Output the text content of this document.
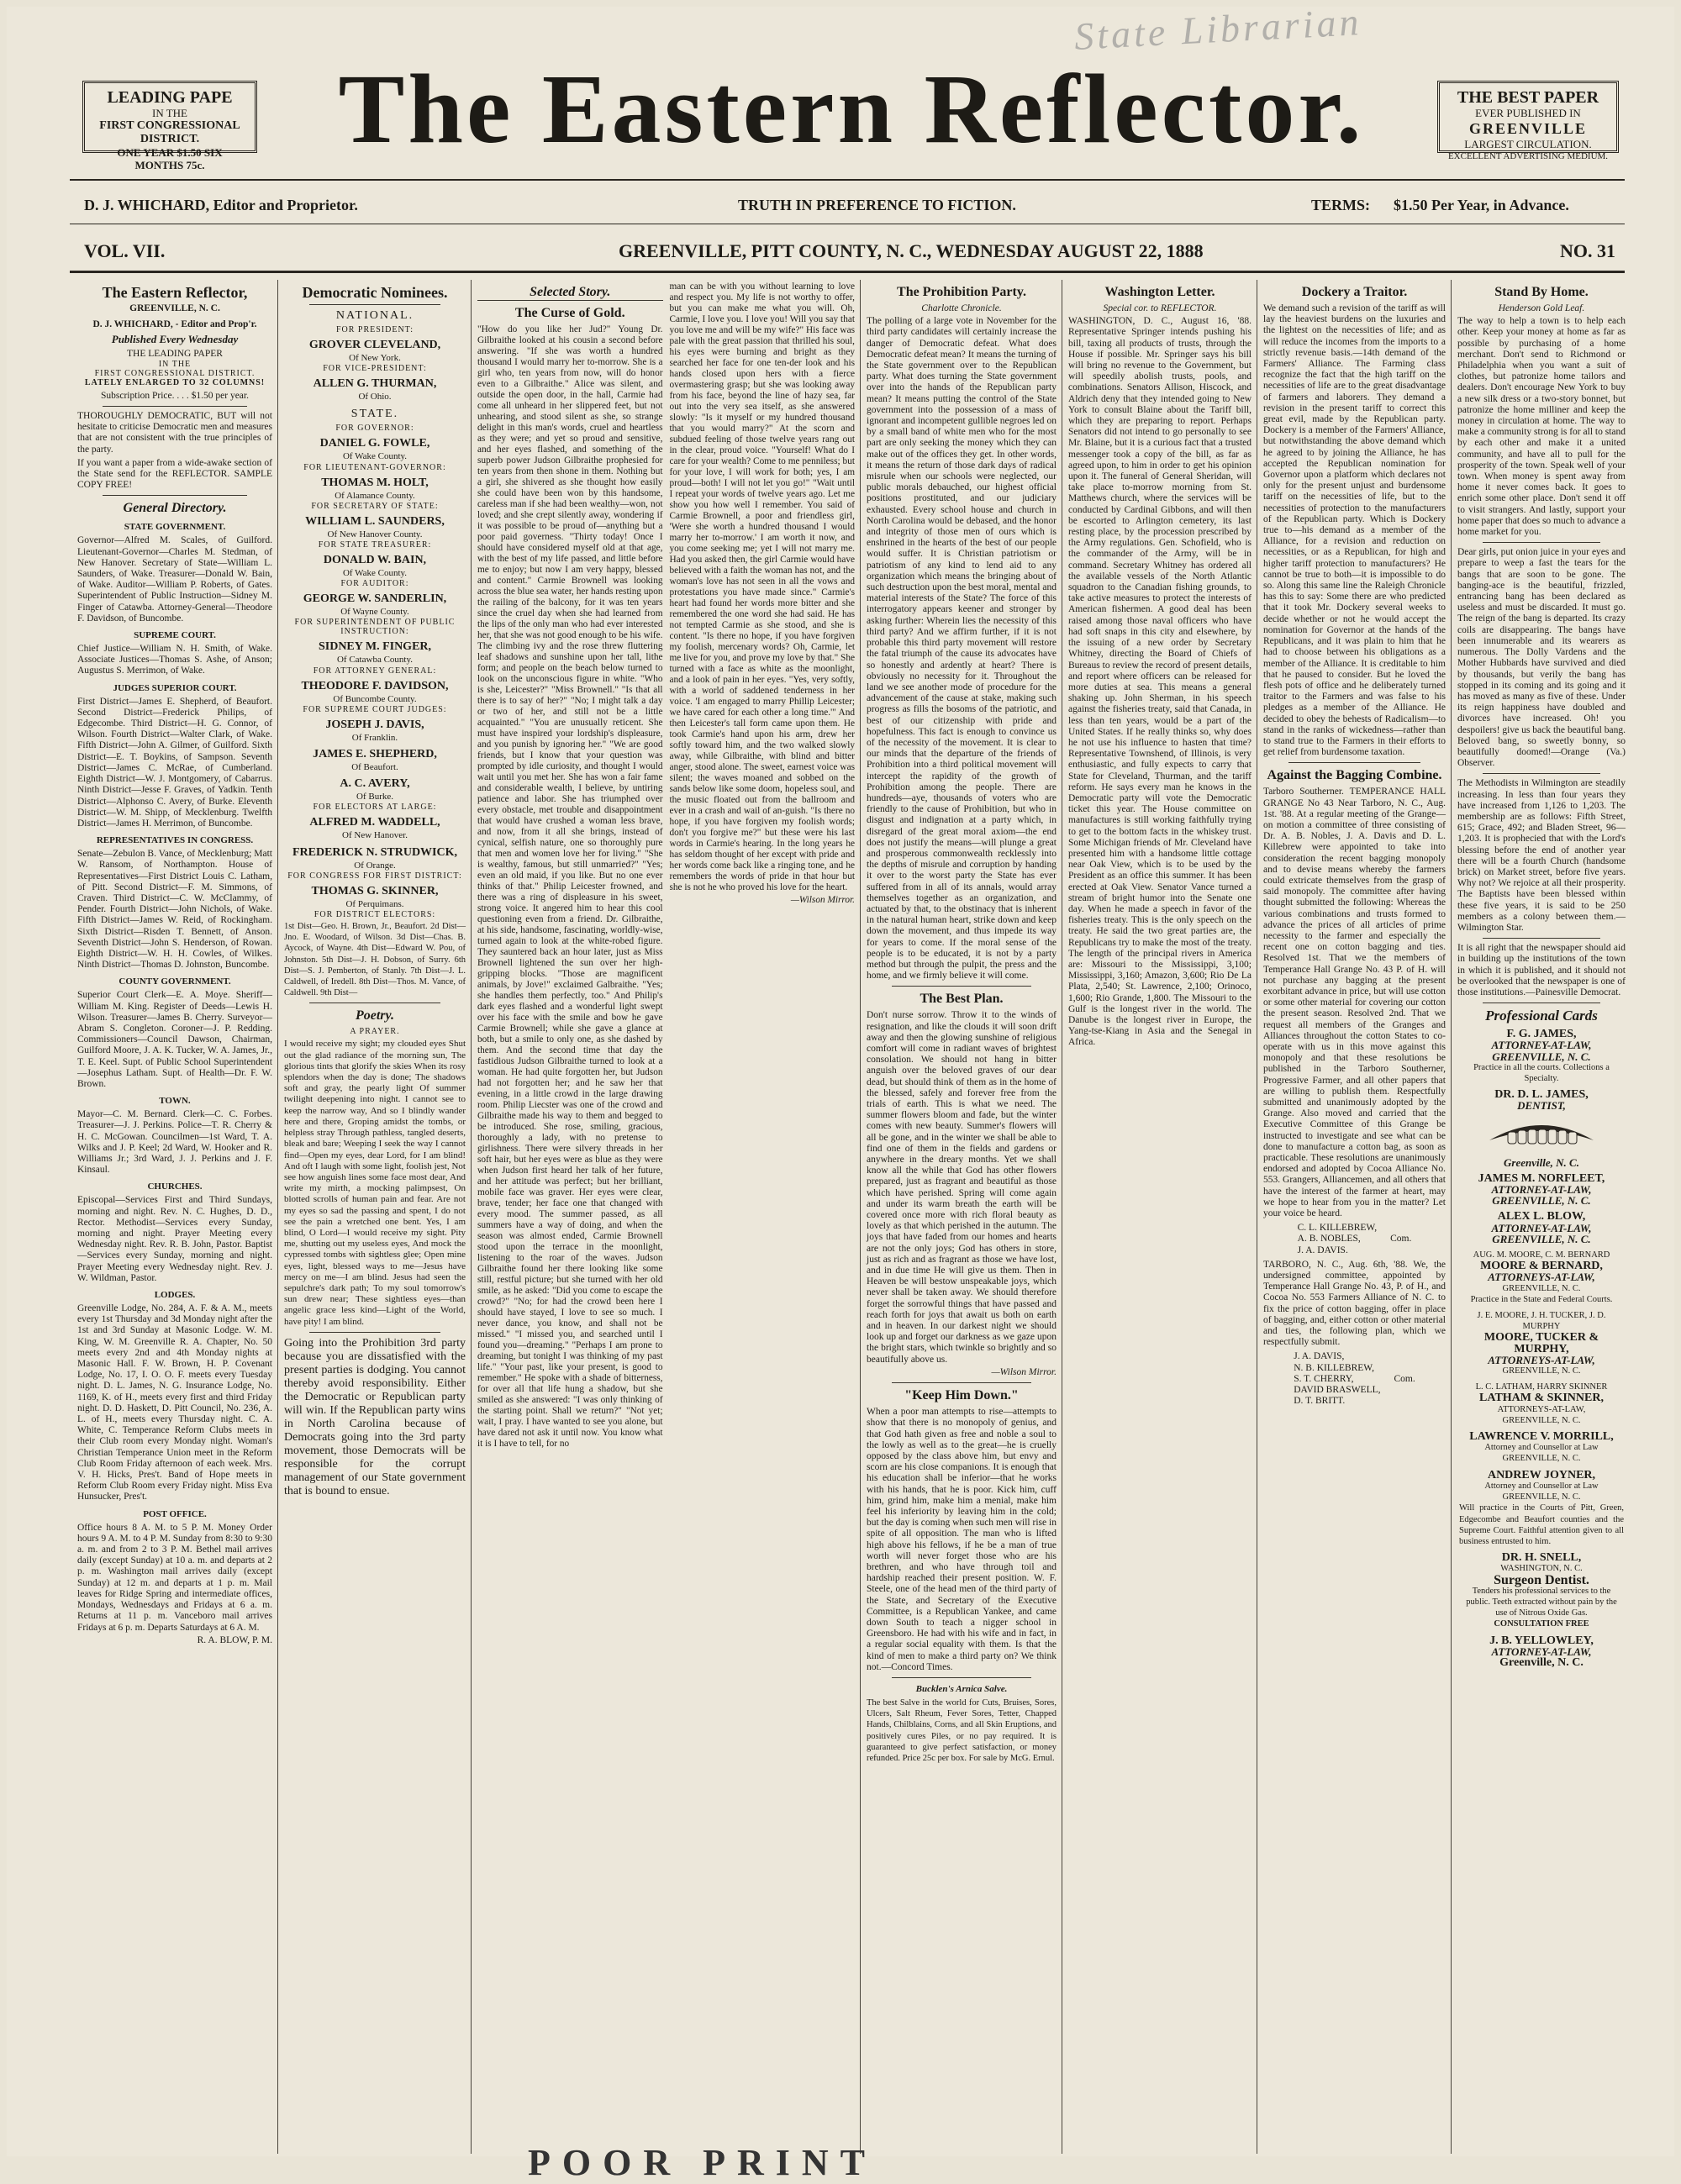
State Librarian
LEADING PAPE
IN THE
FIRST CONGRESSIONAL DISTRICT.
ONE YEAR $1.50 SIX MONTHS 75c.
The Eastern Reflector.	THE BEST PAPER
EVER PUBLISHED IN
GREENVILLE
LARGEST CIRCULATION.
EXCELLENT ADVERTISING MEDIUM.
D. J. WHICHARD, Editor and Proprietor.	TRUTH IN PREFERENCE TO FICTION.	TERMS: $1.50 Per Year, in Advance.
VOL. VII.	GREENVILLE, PITT COUNTY, N. C., WEDNESDAY AUGUST 22, 1888	NO. 31
The Eastern Reflector,
GREENVILLE, N. C.
D. J. WHICHARD, - Editor and Prop'r.
Published Every Wednesday
THE LEADING PAPER
IN THE
FIRST CONGRESSIONAL DISTRICT.
LATELY ENLARGED TO 32 COLUMNS!
Subscription Price. . . . $1.50 per year.

THOROUGHLY DEMOCRATIC, BUT will not hesitate to criticise Democratic men and measures that are not consistent with the true principles of the party.

If you want a paper from a wide-awake section of the State send for the REFLECTOR. SAMPLE COPY FREE!

General Directory.
STATE GOVERNMENT.

Governor—Alfred M. Scales, of Guilford. Lieutenant-Governor—Charles M. Stedman, of New Hanover. Secretary of State—William L. Saunders, of Wake. Treasurer—Donald W. Bain, of Wake. Auditor—William P. Roberts, of Gates. Superintendent of Public Instruction—Sidney M. Finger of Catawba. Attorney-General—Theodore F. Davidson, of Buncombe.

SUPREME COURT.

Chief Justice—William N. H. Smith, of Wake. Associate Justices—Thomas S. Ashe, of Anson; Augustus S. Merrimon, of Wake.

JUDGES SUPERIOR COURT.

First District—James E. Shepherd, of Beaufort. Second District—Frederick Philips, of Edgecombe. Third District—H. G. Connor, of Wilson. Fourth District—Walter Clark, of Wake. Fifth District—John A. Gilmer, of Guilford. Sixth District—E. T. Boykins, of Sampson. Seventh District—James C. McRae, of Cumberland. Eighth District—W. J. Montgomery, of Cabarrus. Ninth District—Jesse F. Graves, of Yadkin. Tenth District—Alphonso C. Avery, of Burke. Eleventh District—W. M. Shipp, of Mecklenburg. Twelfth District—James H. Merrimon, of Buncombe.

REPRESENTATIVES IN CONGRESS.

Senate—Zebulon B. Vance, of Mecklenburg; Matt W. Ransom, of Northampton. House of Representatives—First District Louis C. Latham, of Pitt. Second District—F. M. Simmons, of Craven. Third District—C. W. McClammy, of Pender. Fourth District—John Nichols, of Wake. Fifth District—James W. Reid, of Rockingham. Sixth District—Risden T. Bennett, of Anson. Seventh District—John S. Henderson, of Rowan. Eighth District—W. H. H. Cowles, of Wilkes. Ninth District—Thomas D. Johnston, Buncombe.

COUNTY GOVERNMENT.

Superior Court Clerk—E. A. Moye. Sheriff—William M. King. Register of Deeds—Lewis H. Wilson. Treasurer—James B. Cherry. Surveyor—Abram S. Congleton. Coroner—J. P. Redding. Commissioners—Council Dawson, Chairman, Guilford Moore, J. A. K. Tucker, W. A. James, Jr., T. E. Keel. Supt. of Public School Superintendent—Josephus Latham. Supt. of Health—Dr. F. W. Brown.

TOWN.

Mayor—C. M. Bernard. Clerk—C. C. Forbes. Treasurer—J. J. Perkins. Police—T. R. Cherry & H. C. McGowan. Councilmen—1st Ward, T. A. Wilks and J. P. Keel; 2d Ward, W. Hooker and R. Williams Jr.; 3rd Ward, J. J. Perkins and J. F. Kinsaul.

CHURCHES.

Episcopal—Services First and Third Sundays, morning and night. Rev. N. C. Hughes, D. D., Rector. Methodist—Services every Sunday, morning and night. Prayer Meeting every Wednesday night. Rev. R. B. John, Pastor. Baptist—Services every Sunday, morning and night. Prayer Meeting every Wednesday night. Rev. J. W. Wildman, Pastor.

LODGES.

Greenville Lodge, No. 284, A. F. & A. M., meets every 1st Thursday and 3d Monday night after the 1st and 3rd Sunday at Masonic Lodge. W. M. King, W. M. Greenville R. A. Chapter, No. 50 meets every 2nd and 4th Monday nights at Masonic Hall. F. W. Brown, H. P. Covenant Lodge, No. 17, I. O. O. F. meets every Tuesday night. D. L. James, N. G. Insurance Lodge, No. 1169, K. of H., meets every first and third Friday night. D. D. Haskett, D. Pitt Council, No. 236, A. L. of H., meets every Thursday night. C. A. White, C. Temperance Reform Clubs meets in their Club room every Monday night. Woman's Christian Temperance Union meet in the Reform Club Room Friday afternoon of each week. Mrs. V. H. Hicks, Pres't. Band of Hope meets in Reform Club Room every Friday night. Miss Eva Hunsucker, Pres't.

POST OFFICE.

Office hours 8 A. M. to 5 P. M. Money Order hours 9 A. M. to 4 P. M. Sunday from 8:30 to 9:30 a. m. and from 2 to 3 P. M. Bethel mail arrives daily (except Sunday) at 10 a. m. and departs at 2 p. m. Washington mail arrives daily (except Sunday) at 12 m. and departs at 1 p. m. Mail leaves for Ridge Spring and intermediate offices, Mondays, Wednesdays and Fridays at 6 a. m. Returns at 11 p. m. Vanceboro mail arrives Fridays at 6 p. m. Departs Saturdays at 6 A. M.

R. A. BLOW, P. M.
Democratic Nominees.
NATIONAL.
FOR PRESIDENT:
GROVER CLEVELAND,
Of New York.
FOR VICE-PRESIDENT:
ALLEN G. THURMAN,
Of Ohio.
STATE.
FOR GOVERNOR:
DANIEL G. FOWLE,
Of Wake County.
FOR LIEUTENANT-GOVERNOR:
THOMAS M. HOLT,
Of Alamance County.
FOR SECRETARY OF STATE:
WILLIAM L. SAUNDERS,
Of New Hanover County.
FOR STATE TREASURER:
DONALD W. BAIN,
Of Wake County.
FOR AUDITOR:
GEORGE W. SANDERLIN,
Of Wayne County.
FOR SUPERINTENDENT OF PUBLIC INSTRUCTION:
SIDNEY M. FINGER,
Of Catawba County.
FOR ATTORNEY GENERAL:
THEODORE F. DAVIDSON,
Of Buncombe County.
FOR SUPREME COURT JUDGES:
JOSEPH J. DAVIS,
Of Franklin.
JAMES E. SHEPHERD,
Of Beaufort.
A. C. AVERY,
Of Burke.
FOR ELECTORS AT LARGE:
ALFRED M. WADDELL,
Of New Hanover.
FREDERICK N. STRUDWICK,
Of Orange.
FOR CONGRESS FOR FIRST DISTRICT:
THOMAS G. SKINNER,
Of Perquimans.
FOR DISTRICT ELECTORS:

1st Dist—Geo. H. Brown, Jr., Beaufort. 2d Dist—Jno. E. Woodard, of Wilson. 3d Dist—Chas. B. Aycock, of Wayne. 4th Dist—Edward W. Pou, of Johnston. 5th Dist—J. H. Dobson, of Surry. 6th Dist—S. J. Pemberton, of Stanly. 7th Dist—J. L. Caldwell, of Iredell. 8th Dist—Thos. M. Vance, of Caldwell. 9th Dist—

Poetry.
A PRAYER.

I would receive my sight; my clouded eyes Shut out the glad radiance of the morning sun, The glorious tints that glorify the skies When its rosy splendors when the day is done; The shadows soft and gray, the pearly light Of summer twilight deepening into night. I cannot see to keep the narrow way, And so I blindly wander here and there, Groping amidst the tombs, or helpless stray Through pathless, tangled deserts, bleak and bare; Weeping I seek the way I cannot find—Open my eyes, dear Lord, for I am blind! And oft I laugh with some light, foolish jest, Not see how anguish lines some face most dear, And write my mirth, a mocking palimpsest, On blotted scrolls of human pain and fear. Are not my eyes so sad the passing and spent, I do not see the pain a wretched one bent. Yes, I am blind, O Lord—I would receive my sight. Pity me, shutting out my useless eyes, And mock the cypressed tombs with sightless glee; Open mine eyes, light, blessed ways to me—Jesus have mercy on me—I am blind. Jesus had seen the sepulchre's dark path; To my soul tomorrow's sun drew near; These sightless eyes—than angelic grace less kind—Light of the World, have pity! I am blind.

Going into the Prohibition 3rd party because you are dissatisfied with the present parties is dodging. You cannot thereby avoid responsibility. Either the Democratic or Republican party will win. If the Republican party wins in North Carolina because of Democrats going into the 3rd party movement, those Democrats will be responsible for the corrupt management of our State government that is bound to ensue.

Selected Story.
The Curse of Gold.

"How do you like her Jud?" Young Dr. Gilbraithe looked at his cousin a second before answering. "If she was worth a hundred thousand I would marry her to-morrow. She is a girl who, ten years from now, will do honor even to a Gilbraithe." Alice was silent, and outside the open door, in the hall, Carmie had come all unheard in her slippered feet, but not unhearing, and stood silent as she, so strange delight in this man's words, cruel and heartless as they were; and yet so proud and sensitive, and her eyes flashed, and something of the superb power Judson Gilbraithe prophesied for ten years from then shone in them. Nothing but a girl, she shivered as she thought how easily she could have been won by this handsome, careless man if she had been wealthy—won, not loved; and she crept silently away, wondering if it was possible to be proud of—anything but a poor paid governess. "Thirty today! Once I should have considered myself old at that age, with the best of my life passed, and little before me to enjoy; but now I am very happy, blessed and content." Carmie Brownell was looking across the blue sea water, her hands resting upon the railing of the balcony, for it was ten years since the cruel day when she had learned from the lips of the only man who had ever interested her, that she was not good enough to be his wife. The climbing ivy and the rose threw fluttering leaf shadows and sunshine upon her tall, lithe form; and people on the beach below turned to look on the unconscious figure in white. "Who is she, Leicester?" "Miss Brownell." "Is that all there is to say of her?" "No; I might talk a day or two of her, and still not be a little acquainted." "You are unusually reticent. She must have inspired your lordship's displeasure, and you punish by ignoring her." "We are good friends, but I know that your question was prompted by idle curiosity, and thought I would wait until you met her. She has won a fair fame and considerable wealth, I believe, by untiring patience and labor. She has triumphed over every obstacle, met trouble and disappointment that would have crushed a woman less brave, and now, from it all she brings, instead of cynical, selfish nature, one so thoroughly pure that men and women love her for living." "She is wealthy, famous, but still unmarried?" "Yes; even an old maid, if you like. But no one ever thinks of that." Philip Leicester frowned, and there was a ring of displeasure in his sweet, strong voice. It angered him to hear this cool questioning even from a friend. Dr. Gilbraithe, at his side, handsome, fascinating, worldly-wise, turned again to look at the white-robed figure. They sauntered back an hour later, just as Miss Brownell lightened the sun over her high-gripping blocks. "Those are magnificent animals, by Jove!" exclaimed Galbraithe. "Yes; she handles them perfectly, too." And Philip's dark eyes flashed and a wonderful light swept over his face with the smile and bow he gave Carmie Brownell; while she gave a glance at both, but a smile to only one, as she dashed by them. And the second time that day the fastidious Judson Gilbraithe turned to look at a woman. He had quite forgotten her, but Judson had not forgotten her; and he saw her that evening, in a little crowd in the large drawing room. Philip Liecster was one of the crowd and Gilbraithe made his way to them and begged to be introduced. She rose, smiling, gracious, thoroughly a lady, with no pretense to girlishness. There were silvery threads in her soft hair, but her eyes were as blue as they were when Judson first heard her talk of her future, and her attitude was perfect; but her brilliant, mobile face was graver. Her eyes were clear, brave, tender; her face one that changed with every mood. The summer passed, as all summers have a way of doing, and when the season was almost ended, Carmie Brownell stood upon the terrace in the moonlight, listening to the roar of the waves. Judson Gilbraithe found her there looking like some still, restful picture; but she turned with her old smile, as he asked: "Did you come to escape the crowd?" "No; for had the crowd been here I should have stayed, I love to see so much. I never dance, you know, and shall not be missed." "I missed you, and searched until I found you—dreaming." "Perhaps I am prone to dreaming, but tonight I was thinking of my past life." "Your past, like your present, is good to remember." He spoke with a shade of bitterness, for over all that life hung a shadow, but she smiled as she answered: "I was only thinking of the starting point. Shall we return?" "Not yet; wait, I pray. I have wanted to see you alone, but have dared not ask it until now. You know what it is I have to tell, for no

man can be with you without learning to love and respect you. My life is not worthy to offer, but you can make me what you will. Oh, Carmie, I love you. I love you! Will you say that you love me and will be my wife?" His face was pale with the great passion that thrilled his soul, his eyes were burning and bright as they searched her face for one ten-der look and his hands closed upon hers with a fierce overmastering grasp; but she was looking away from his face, beyond the line of hazy sea, far out into the very sea itself, as she answered slowly: "Is it myself or my hundred thousand that you would marry?" At the scorn and subdued feeling of those twelve years rang out in the clear, proud voice. "Yourself! What do I care for your wealth? Come to me penniless; but for your love, I will work for both; yes, I am proud—both! I will not let you go!" "Wait until I repeat your words of twelve years ago. Let me show you how well I remember. You said of Carmie Brownell, a poor and friendless girl, 'Were she worth a hundred thousand I would marry her to-morrow.' I am worth it now, and you come seeking me; yet I will not marry me. Had you asked then, the girl Carmie would have believed with a faith the woman has not, and the woman's love has not seen in all the vows and protestations you have made since." Carmie's heart had found her words more bitter and she remembered the one word she had said. He has not tempted Carmie as she stood, and she is content. "Is there no hope, if you have forgiven my foolish, mercenary words? Oh, Carmie, let me live for you, and prove my love by that." She turned with a face as white as the moonlight, and a look of pain in her eyes. "Yes, very softly, with a world of saddened tenderness in her voice. 'I am engaged to marry Phillip Leicester; we have cared for each other a long time.'" And then Leicester's tall form came upon them. He took Carmie's hand upon his arm, drew her softly toward him, and the two walked slowly away, while Gilbraithe, with blind and bitter anger, stood alone. The sweet, earnest voice was silent; the waves moaned and sobbed on the sands below like some doom, hopeless soul, and the music floated out from the ballroom and ever in a crash and wail of an-guish. "Is there no hope, if you have forgiven my foolish words; don't you forgive me?" but these were his last words in Carmie's hearing. In the long years he has seldom thought of her except with pride and her words come back like a ringing tone, and he remembers the words of pride in that hour but she is not he who proved his love for the heart.

—Wilson Mirror.
The Prohibition Party.
Charlotte Chronicle.

The polling of a large vote in November for the third party candidates will certainly increase the danger of Democratic defeat. What does Democratic defeat mean? It means the turning of the State government over to the Republican party. What does turning the State government over into the hands of the Republican party mean? It means putting the control of the State government into the possession of a mass of ignorant and incompetent gullible negroes led on by a small band of white men who for the most part are only seeking the money which they can make out of the offices they get. In other words, it means the return of those dark days of radical misrule when our schools were neglected, our public morals debauched, our highest official positions prostituted, and our judiciary exhausted. Every school house and church in North Carolina would be debased, and the honor and integrity of those men of ours which is enshrined in the hearts of the best of our people would suffer. It is Christian patriotism or patriotism of any kind to lend aid to any organization which means the bringing about of such destruction upon the best moral, mental and material interests of the State? The force of this interrogatory appears keener and stronger by asking further: Wherein lies the necessity of this third party? And we affirm further, if it is not probable this third party movement will restore the fatal triumph of the cause its advocates have so honestly and ardently at heart? There is obviously no necessity for it. Throughout the land we see another mode of procedure for the advancement of the cause at stake, making such progress as fills the bosoms of the patriotic, and best of our citizenship with pride and hopefulness. This fact is enough to convince us of the necessity of the movement. It is clear to our minds that the departure of the friends of Prohibition into a third political movement will intercept the rapidity of the growth of Prohibition among the people. There are hundreds—aye, thousands of voters who are friendly to the cause of Prohibition, but who in disgust and indignation at a party which, in disregard of the great moral axiom—the end does not justify the means—will plunge a great and prosperous commonwealth recklessly into the depths of misrule and corruption by handing it over to the worst party the State has ever suffered from in all of its annals, would array themselves together as an organization, and actuated by that, to the obstinacy that is inherent in the natural human heart, strike down and keep down the movement, and thus impede its way for years to come. If the moral sense of the people is to be educated, it is not by a party method but through the pulpit, the press and the home, and we firmly believe it will come.

The Best Plan.

Don't nurse sorrow. Throw it to the winds of resignation, and like the clouds it will soon drift away and then the glowing sunshine of religious comfort will come in radiant waves of brightest consolation. We should not hang in bitter anguish over the beloved graves of our dear dead, but should think of them as in the home of the blessed, safely and forever free from the trials of earth. This is what we need. The summer flowers bloom and fade, but the winter comes with new beauty. Summer's flowers will all be gone, and in the winter we shall be able to find one of them in the fields and gardens or anywhere in the dreary months. Yet we shall know all the while that God has other flowers prepared, just as fragrant and beautiful as those which have perished. Spring will come again and under its warm breath the earth will be covered once more with rich floral beauty as lovely as that which perished in the autumn. The joys that have faded from our homes and hearts are not the only joys; God has others in store, just as rich and as fragrant as those we have lost, and in due time He will give us them. Then in Heaven be will bestow unspeakable joys, which never shall be taken away. We should therefore forget the sorrowful things that have passed and reach forth for joys that await us both on earth and in heaven. In our darkest night we should look up and forget our darkness as we gaze upon the bright stars, which twinkle so brightly and so beautifully above us.

—Wilson Mirror.
"Keep Him Down."

When a poor man attempts to rise—attempts to show that there is no monopoly of genius, and that God hath given as free and noble a soul to the lowly as well as to the great—he is cruelly opposed by the class above him, but envy and scorn are his close companions. It is enough that his education shall be inferior—that he works with his hands, that he is poor. Kick him, cuff him, grind him, make him a menial, make him feel his inferiority by leaving him in the cold; but the day is coming when such men will rise in spite of all opposition. The man who is lifted high above his fellows, if he be a man of true worth will never forget those who are his brethren, and who have through toil and hardship reached their present position. W. F. Steele, one of the head men of the third party of the State, and Secretary of the Executive Committee, is a Republican Yankee, and came down South to teach a nigger school in Greensboro. He had with his wife and in fact, in a regular social equality with them. Is that the kind of men to make a third party on? We think not.—Concord Times.

Bucklen's Arnica Salve.

The best Salve in the world for Cuts, Bruises, Sores, Ulcers, Salt Rheum, Fever Sores, Tetter, Chapped Hands, Chilblains, Corns, and all Skin Eruptions, and positively cures Piles, or no pay required. It is guaranteed to give perfect satisfaction, or money refunded. Price 25c per box. For sale by McG. Ernul.

Washington Letter.
Special cor. to REFLECTOR.

WASHINGTON, D. C., August 16, '88. Representative Springer intends pushing his bill, taxing all products of trusts, through the House if possible. Mr. Springer says his bill will bring no revenue to the Government, but will speedily abolish trusts, pools, and combinations. Senators Allison, Hiscock, and Aldrich deny that they intended going to New York to consult Blaine about the Tariff bill, which they are preparing to report. Perhaps Senators did not intend to go personally to see Mr. Blaine, but it is a curious fact that a trusted messenger took a copy of the bill, as far as agreed upon, to him in order to get his opinion upon it. The funeral of General Sheridan, will take place to-morrow morning from St. Matthews church, where the services will be conducted by Cardinal Gibbons, and will then be escorted to Arlington cemetery, its last resting place, by the procession prescribed by the Army regulations. Gen. Schofield, who is the commander of the Army, will be in command. Secretary Whitney has ordered all the available vessels of the North Atlantic squadron to the Canadian fishing grounds, to take active measures to protect the interests of American fishermen. A good deal has been raised among those naval officers who have had soft snaps in this city and elsewhere, by the issuing of a new order by Secretary Whitney, directing the Board of Chiefs of Bureaus to review the record of present details, and report where officers can be released for more duties at sea. This means a general shaking up. John Sherman, in his speech against the fisheries treaty, said that Canada, in less than ten years, would be a part of the United States. If he really thinks so, why does he not use his influence to hasten that time? Representative Townshend, of Illinois, is very enthusiastic, and fully expects to carry that State for Cleveland, Thurman, and the tariff reform. He says every man he knows in the Democratic party will vote the Democratic ticket this year. The House committee on manufactures is still working faithfully trying to get to the bottom facts in the whiskey trust. Some Michigan friends of Mr. Cleveland have presented him with a handsome little cottage near Oak View, which is to be used by the President as an office this summer. It has been erected at Oak View. Senator Vance turned a stream of bright humor into the Senate one day. When he made a speech in favor of the fisheries treaty. This is the only speech on the treaty. He said the two great parties are, the Republicans try to make the most of the treaty. The length of the principal rivers in America are: Missouri to the Mississippi, 3,100; Mississippi, 3,160; Amazon, 3,600; Rio De La Plata, 2,540; St. Lawrence, 2,100; Orinoco, 1,600; Rio Grande, 1,800. The Missouri to the Gulf is the longest river in the world. The Danube is the longest river in Europe, the Yang-tse-Kiang in Asia and the Senegal in Africa.

Dockery a Traitor.

We demand such a revision of the tariff as will lay the heaviest burdens on the luxuries and the lightest on the necessities of life; and as will reduce the incomes from the imports to a strictly revenue basis.—14th demand of the Farmers' Alliance. The Farming class recognize the fact that the high tariff on the necessities of life are to the great disadvantage of farmers and laborers. They demand a revision in the present tariff to correct this great evil, made by the Republican party. Dockery is a member of the Farmers' Alliance, but notwithstanding the above demand which he agreed to by joining the Alliance, he has accepted the Republican nomination for Governor upon a platform which declares not only for the present unjust and burdensome tariff on the necessities of life, but to the necessities of protection to the manufacturers of the Republican party. Which is Dockery true to—his demand as a member of the Alliance, for a revision and reduction on necessities, or as a Republican, for high and higher tariff protection to manufacturers? He cannot be true to both—it is impossible to do so. Along this same line the Raleigh Chronicle has this to say: Some there are who predicted that it took Mr. Dockery several weeks to decide whether or not he would accept the nomination for Governor at the hands of the Republicans, and it was plain to him that he had to choose between his obligations as a member of the Alliance. It is creditable to him that he paused to consider. But he loved the flesh pots of office and he deliberately turned traitor to the Farmers and was false to his pledges as a member of the Alliance. He decided to obey the behests of Radicalism—to stand in the ranks of wickedness—rather than to stand true to the Farmers in their efforts to get relief from burdensome taxation.

Against the Bagging Combine.

Tarboro Southerner. TEMPERANCE HALL GRANGE No 43 Near Tarboro, N. C., Aug. 1st. '88. At a regular meeting of the Grange—on motion a committee of three consisting of Dr. A. B. Nobles, J. A. Davis and D. L. Killebrew were appointed to take into consideration the recent bagging monopoly and to devise means whereby the farmers could extricate themselves from the grasp of said monopoly. The committee after having thought submitted the following: Whereas the various combinations and trusts formed to advance the prices of all articles of prime necessity to the farmer and especially the recent one on cotton bagging and ties. Resolved 1st. That we the members of Temperance Hall Grange No. 43 P. of H. will not purchase any bagging at the present exorbitant advance in price, but will use cotton or some other material for covering our cotton the present season. Resolved 2nd. That we request all members of the Granges and Alliances throughout the cotton States to co-operate with us in this move against this monopoly and that these resolutions be published in the Tarboro Southerner, Progressive Farmer, and all other papers that are willing to publish them. Respectfully submitted and unanimously adopted by the Grange. Also moved and carried that the Executive Committee of this Grange be instructed to investigate and see what can be done to manufacture a cotton bag, as soon as practicable. These resolutions are unanimously endorsed and adopted by Cocoa Alliance No. 553. Grangers, Alliancemen, and all others that have the interest of the farmer at heart, may we hope to hear from you in the matter? Let your voice be heard.

C. L. KILLEBREW,
A. B. NOBLES,
J. A. DAVIS.
Com.

TARBORO, N. C., Aug. 6th, '88. We, the undersigned committee, appointed by Temperance Hall Grange No. 43, P. of H., and Cocoa No. 553 Farmers Alliance of N. C. to fix the price of cotton bagging, offer in place of bagging, and, either cotton or other material and ties, the following plan, which we respectfully submit.

J. A. DAVIS,
N. B. KILLEBREW,
S. T. CHERRY,
DAVID BRASWELL,
D. T. BRITT.
Com.
Stand By Home.
Henderson Gold Leaf.

The way to help a town is to help each other. Keep your money at home as far as possible by purchasing of a home merchant. Don't send to Richmond or Philadelphia when you want a suit of clothes, but patronize home tailors and dealers. Don't encourage New York to buy a new silk dress or a two-story bonnet, but patronize the home milliner and keep the money in circulation at home. The way to make a community strong is for all to stand by each other and make it a united community, and have all to pull for the prosperity of the town. Speak well of your town. When money is spent away from home it never comes back. It goes to enrich some other place. Don't send it off to visit strangers. And lastly, support your home paper that does so much to advance a home market for you.

Dear girls, put onion juice in your eyes and prepare to weep a fast the tears for the bangs that are soon to be gone. The banging-ace is the beautiful, frizzled, entrancing bang has been declared as useless and must be discarded. It must go. The reign of the bang is departed. Its crazy coils are disappearing. The bangs have been innumerable and its wearers as numerous. The Dolly Vardens and the Mother Hubbards have survived and died by thousands, but verily the bang has stopped in its coming and its going and it has moved as many as five of these. Under its reign happiness have doubled and divorces have increased. Oh! you despoilers! give us back the beautiful bang. Beloved bang, so sweetly bonny, so beautifully doomed!—Orange (Va.) Observer.

The Methodists in Wilmington are steadily increasing. In less than four years they have increased from 1,126 to 1,203. The membership are as follows: Fifth Street, 615; Grace, 492; and Bladen Street, 96—1,203. It is prophecied that with the Lord's blessing before the end of another year there will be a fourth Church (handsome brick) on Market street, before five years. Why not? We rejoice at all their prosperity. The Baptists have been blessed within these five years, it is said to be 250 members as a colony between them.—Wilmington Star.

It is all right that the newspaper should aid in building up the institutions of the town in which it is published, and it should not be overlooked that the newspaper is one of those institutions.—Painesville Democrat.

Professional Cards
F. G. JAMES,
ATTORNEY-AT-LAW,
GREENVILLE, N. C.
Practice in all the courts. Collections a Specialty.
DR. D. L. JAMES,
DENTIST,
Greenville, N. C.
JAMES M. NORFLEET,
ATTORNEY-AT-LAW,
GREENVILLE, N. C.
ALEX L. BLOW,
ATTORNEY-AT-LAW,
GREENVILLE, N. C.
AUG. M. MOORE, C. M. BERNARD
MOORE & BERNARD,
ATTORNEYS-AT-LAW,
GREENVILLE, N. C.
Practice in the State and Federal Courts.
J. E. MOORE, J. H. TUCKER, J. D. MURPHY
MOORE, TUCKER & MURPHY,
ATTORNEYS-AT-LAW,
GREENVILLE, N. C.
L. C. LATHAM, HARRY SKINNER
LATHAM & SKINNER,
ATTORNEYS-AT-LAW,
GREENVILLE, N. C.
LAWRENCE V. MORRILL,
Attorney and Counsellor at Law
GREENVILLE, N. C.
ANDREW JOYNER,
Attorney and Counsellor at Law
GREENVILLE, N. C.
Will practice in the Courts of Pitt, Green, Edgecombe and Beaufort counties and the Supreme Court. Faithful attention given to all business entrusted to him.
DR. H. SNELL,
WASHINGTON, N. C.
Surgeon Dentist.
Tenders his professional services to the public. Teeth extracted without pain by the use of Nitrous Oxide Gas.
CONSULTATION FREE
J. B. YELLOWLEY,
ATTORNEY-AT-LAW,
Greenville, N. C.
POOR PRINT
